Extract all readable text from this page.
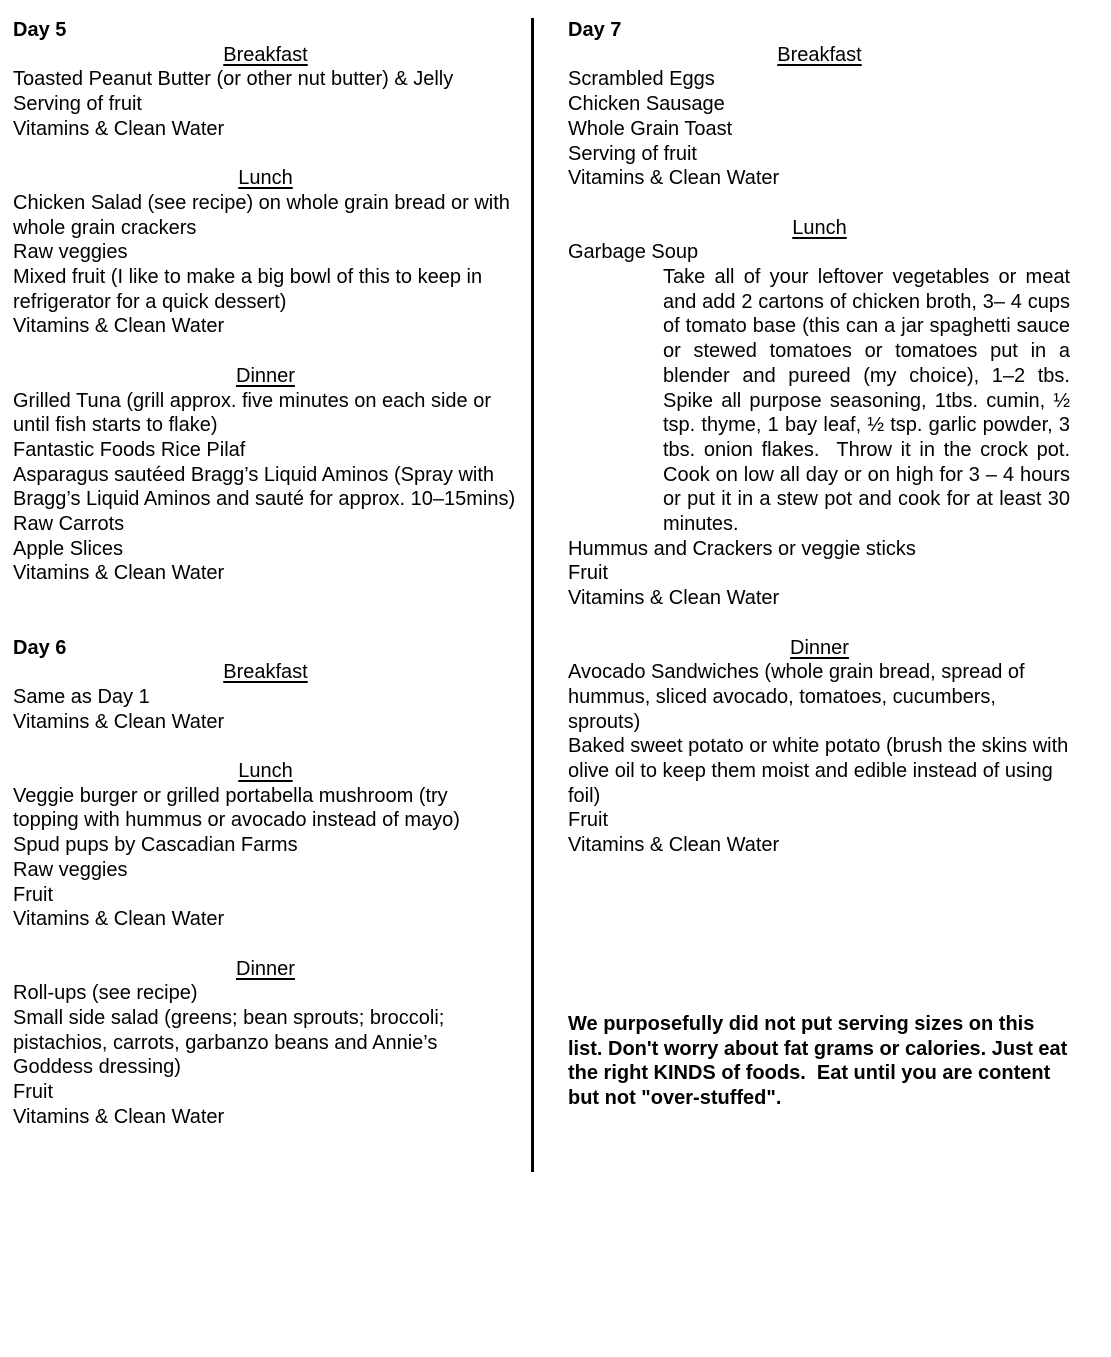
Day 5
Breakfast
Toasted Peanut Butter (or other nut butter) & Jelly
Serving of fruit
Vitamins & Clean Water
Lunch
Chicken Salad (see recipe) on whole grain bread or with whole grain crackers
Raw veggies
Mixed fruit (I like to make a big bowl of this to keep in refrigerator for a quick dessert)
Vitamins & Clean Water
Dinner
Grilled Tuna (grill approx. five minutes on each side or until fish starts to flake)
Fantastic Foods Rice Pilaf
Asparagus sautéed Bragg’s Liquid Aminos (Spray with Bragg’s Liquid Aminos and sauté for approx. 10–15mins)
Raw Carrots
Apple Slices
Vitamins & Clean Water
Day 6
Breakfast
Same as Day 1
Vitamins & Clean Water
Lunch
Veggie burger or grilled portabella mushroom (try topping with hummus or avocado instead of mayo)
Spud pups by Cascadian Farms
Raw veggies
Fruit
Vitamins & Clean Water
Dinner
Roll-ups (see recipe)
Small side salad (greens; bean sprouts; broccoli; pistachios, carrots, garbanzo beans and Annie’s Goddess dressing)
Fruit
Vitamins & Clean Water
Day 7
Breakfast
Scrambled Eggs
Chicken Sausage
Whole Grain Toast
Serving of fruit
Vitamins & Clean Water
Lunch
Garbage Soup
Take all of your leftover vegetables or meat and add 2 cartons of chicken broth, 3– 4 cups of tomato base (this can a jar spaghetti sauce or stewed tomatoes or tomatoes put in a blender and pureed (my choice), 1–2 tbs. Spike all purpose seasoning, 1tbs. cumin, ½ tsp. thyme, 1 bay leaf, ½ tsp. garlic powder, 3 tbs. onion flakes.  Throw it in the crock pot.  Cook on low all day or on high for 3 – 4 hours or put it in a stew pot and cook for at least 30 minutes.
Hummus and Crackers or veggie sticks
Fruit
Vitamins & Clean Water
Dinner
Avocado Sandwiches (whole grain bread, spread of hummus, sliced avocado, tomatoes, cucumbers, sprouts)
Baked sweet potato or white potato (brush the skins with olive oil to keep them moist and edible instead of using foil)
Fruit
Vitamins & Clean Water
We purposefully did not put serving sizes on this list. Don't worry about fat grams or calories. Just eat the right KINDS of foods.  Eat until you are content but not "over-stuffed".
